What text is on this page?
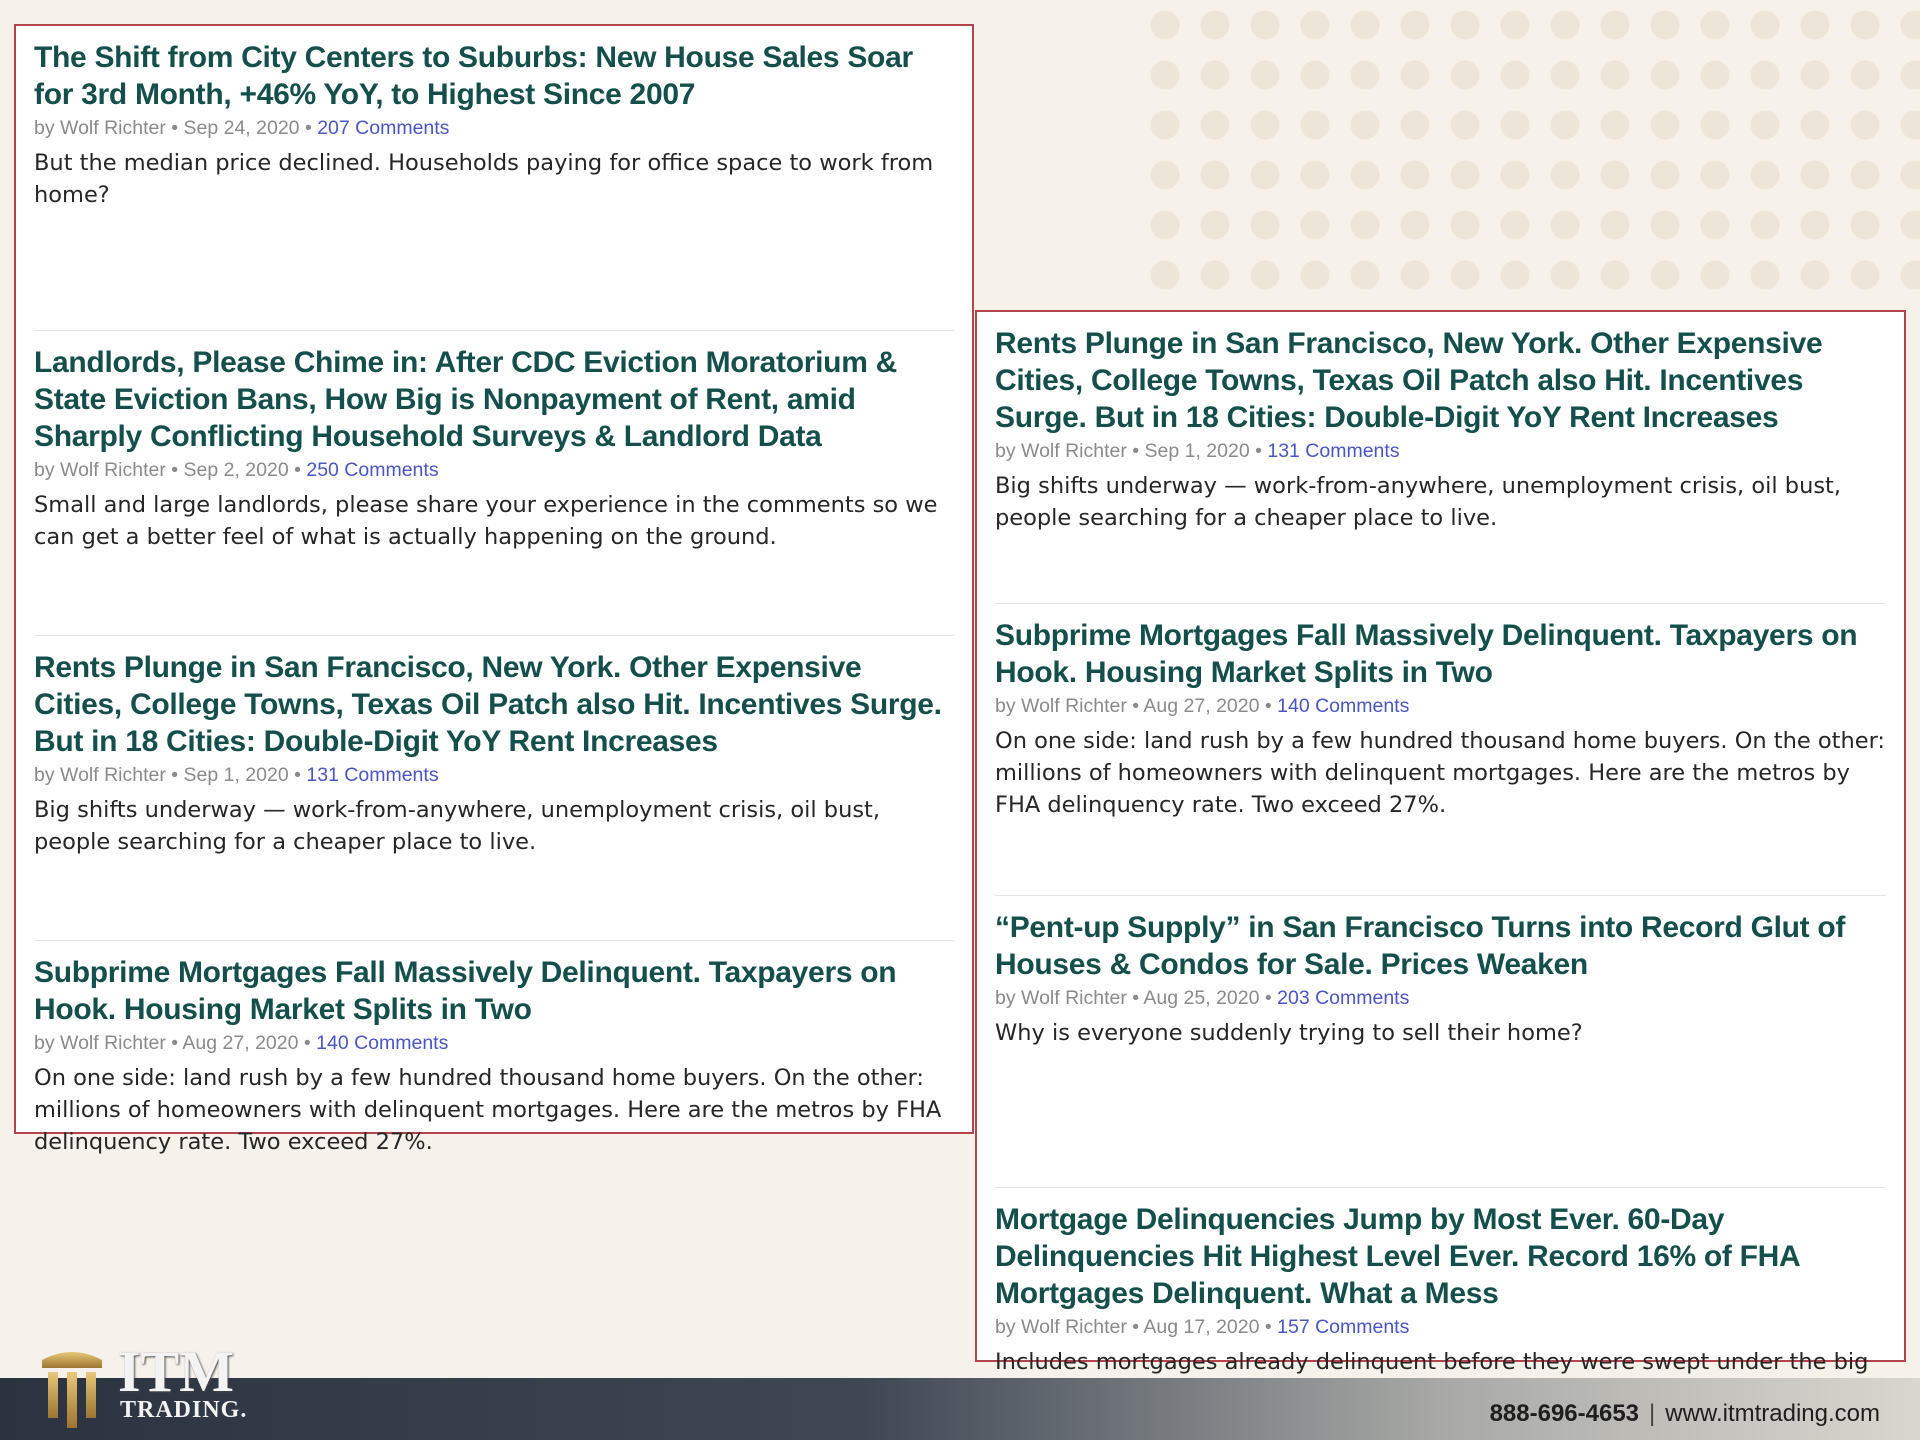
The Shift from City Centers to Suburbs: New House Sales Soar for 3rd Month, +46% YoY, to Highest Since 2007
by Wolf Richter • Sep 24, 2020 • 207 Comments
But the median price declined. Households paying for office space to work from home?
Landlords, Please Chime in: After CDC Eviction Moratorium & State Eviction Bans, How Big is Nonpayment of Rent, amid Sharply Conflicting Household Surveys & Landlord Data
by Wolf Richter • Sep 2, 2020 • 250 Comments
Small and large landlords, please share your experience in the comments so we can get a better feel of what is actually happening on the ground.
Rents Plunge in San Francisco, New York. Other Expensive Cities, College Towns, Texas Oil Patch also Hit. Incentives Surge. But in 18 Cities: Double-Digit YoY Rent Increases
by Wolf Richter • Sep 1, 2020 • 131 Comments
Big shifts underway — work-from-anywhere, unemployment crisis, oil bust, people searching for a cheaper place to live.
Subprime Mortgages Fall Massively Delinquent. Taxpayers on Hook. Housing Market Splits in Two
by Wolf Richter • Aug 27, 2020 • 140 Comments
On one side: land rush by a few hundred thousand home buyers. On the other: millions of homeowners with delinquent mortgages. Here are the metros by FHA delinquency rate. Two exceed 27%.
Rents Plunge in San Francisco, New York. Other Expensive Cities, College Towns, Texas Oil Patch also Hit. Incentives Surge. But in 18 Cities: Double-Digit YoY Rent Increases
by Wolf Richter • Sep 1, 2020 • 131 Comments
Big shifts underway — work-from-anywhere, unemployment crisis, oil bust, people searching for a cheaper place to live.
Subprime Mortgages Fall Massively Delinquent. Taxpayers on Hook. Housing Market Splits in Two
by Wolf Richter • Aug 27, 2020 • 140 Comments
On one side: land rush by a few hundred thousand home buyers. On the other: millions of homeowners with delinquent mortgages. Here are the metros by FHA delinquency rate. Two exceed 27%.
“Pent-up Supply” in San Francisco Turns into Record Glut of Houses & Condos for Sale. Prices Weaken
by Wolf Richter • Aug 25, 2020 • 203 Comments
Why is everyone suddenly trying to sell their home?
Mortgage Delinquencies Jump by Most Ever. 60-Day Delinquencies Hit Highest Level Ever. Record 16% of FHA Mortgages Delinquent. What a Mess
by Wolf Richter • Aug 17, 2020 • 157 Comments
Includes mortgages already delinquent before they were swept under the big
ITM
TRADING.	888-696-4653 | www.itmtrading.com
